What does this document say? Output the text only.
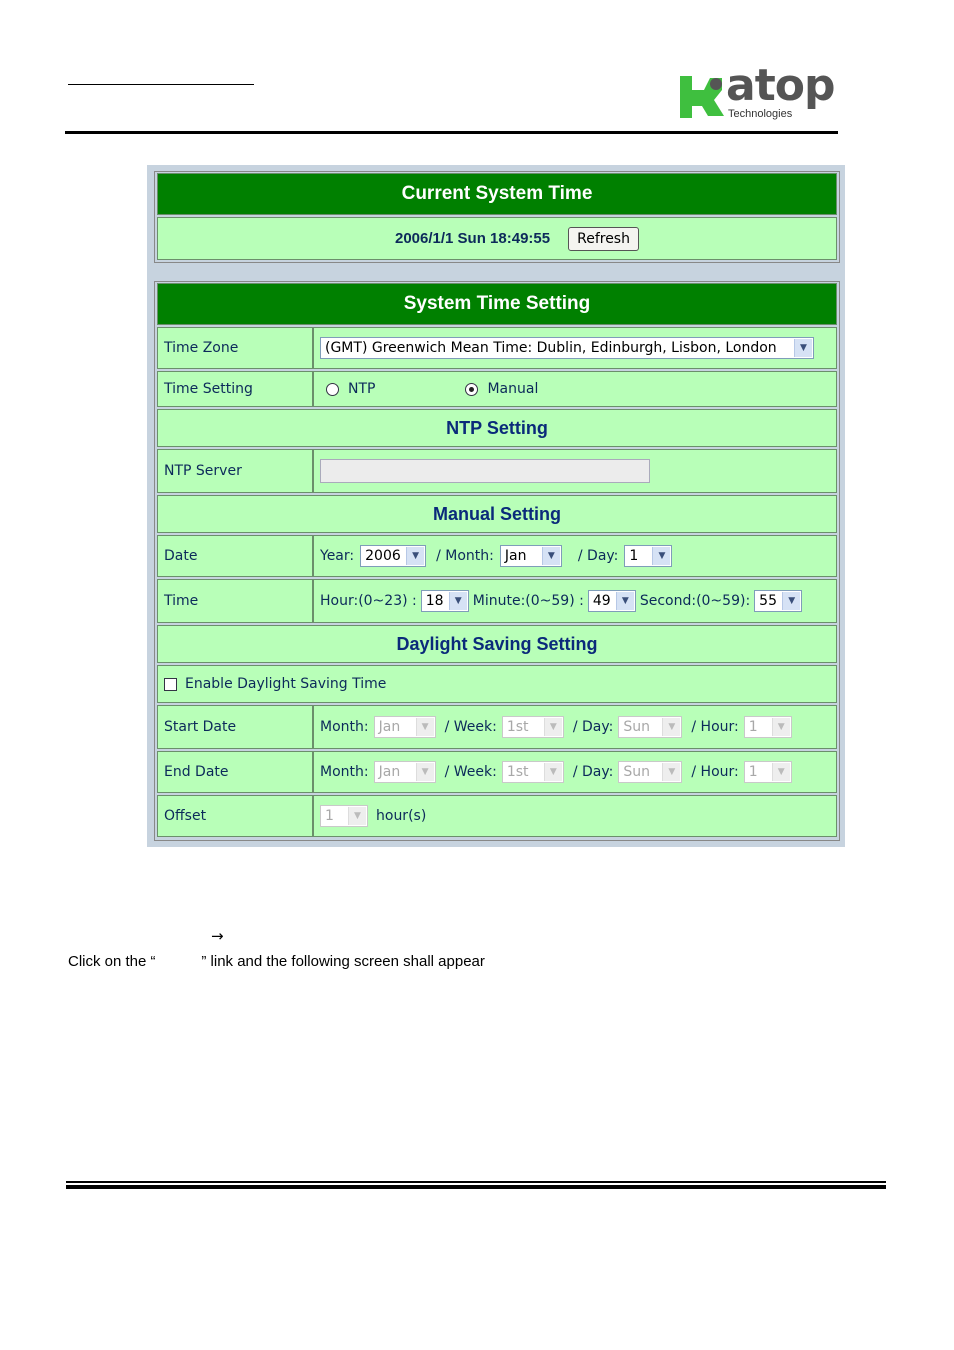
atop
Technologies
Current System Time
2006/1/1 Sun 18:49:55	Refresh
System Time Setting
Time Zone	(GMT) Greenwich Mean Time: Dublin, Edinburgh, Lisbon, London	▼
Time Setting	NTP	Manual
NTP Setting
NTP Server
Manual Setting
Date	Year: 2006	▼	/ Month: Jan	▼	/ Day: 1	▼
Time	Hour:(0~23) : 18	▼ Minute:(0~59) : 49	▼ Second:(0~59): 55	▼
Daylight Saving Setting
Enable Daylight Saving Time
Start Date	Month: Jan	▼	/ Week: 1st	▼	/ Day: Sun	▼	/ Hour: 1	▼
End Date	Month: Jan	▼	/ Week: 1st	▼	/ Day: Sun	▼	/ Hour: 1	▼
Offset	1	▼	hour(s)
→
Click on the “           ” link and the following screen shall appear
